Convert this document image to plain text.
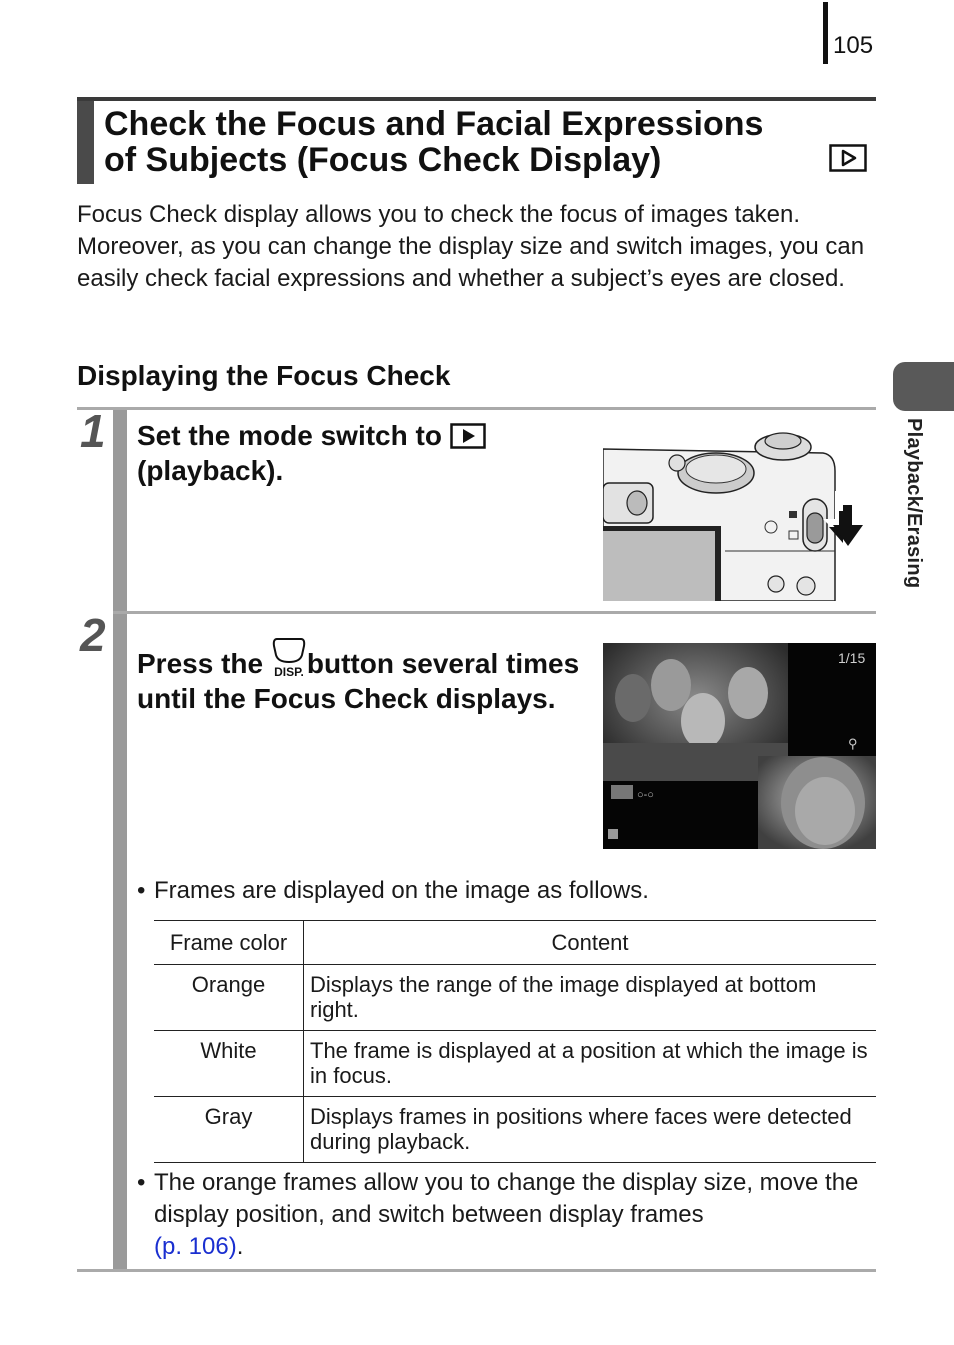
105
Playback/Erasing
Check the Focus and Facial Expressions
of Subjects (Focus Check Display)

Focus Check display allows you to check the focus of images taken. Moreover, as you can change the display size and switch images, you can easily check facial expressions and whether a subject’s eyes are closed.

Displaying the Focus Check
1 Set the mode switch to
(playback).
2
Press the DISP. button several times until the Focus Check displays.
○-○
1/15
⚲
• Frames are displayed on the image as follows.
Frame color	Content
Orange	Displays the range of the image displayed at bottom right.
White	The frame is displayed at a position at which the image is in focus.
Gray	Displays frames in positions where faces were detected during playback.
• The orange frames allow you to change the display size, move the display position, and switch between display frames
(p. 106).
